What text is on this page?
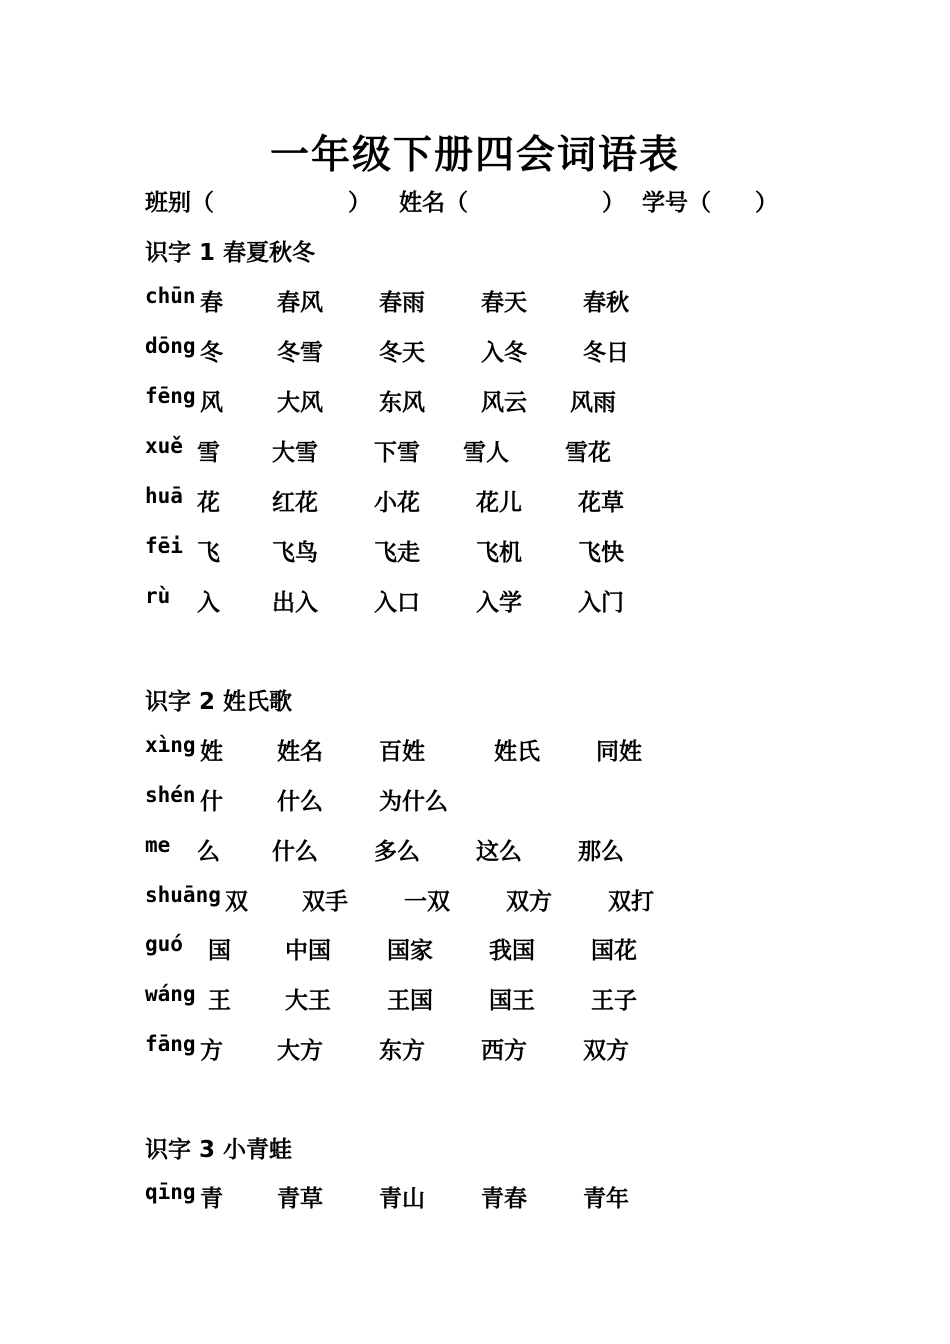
一年级下册四会词语表
班别（	） 姓名（	） 学号（ ）
识字 1 春夏秋冬
chūn 春 春风 春雨 春天 春秋
dōng 冬 冬雪 冬天 入冬 冬日
fēng 风 大风 东风 风云 风雨
xuě 雪 大雪 下雪 雪人 雪花
huā 花 红花 小花 花儿 花草
fēi 飞 飞鸟 飞走 飞机 飞快
rù 入 出入 入口 入学 入门
识字 2 姓氏歌
xìng 姓 姓名 百姓	姓氏 同姓
shén 什 什么 为什么
me 么 什么 多么 这么 那么
shuāng 双 双手 一双 双方 双打
guó 国 中国 国家 我国 国花
wáng 王 大王 王国 国王 王子
fāng 方 大方 东方 西方 双方
识字 3 小青蛙
qīng 青 青草 青山 青春 青年
